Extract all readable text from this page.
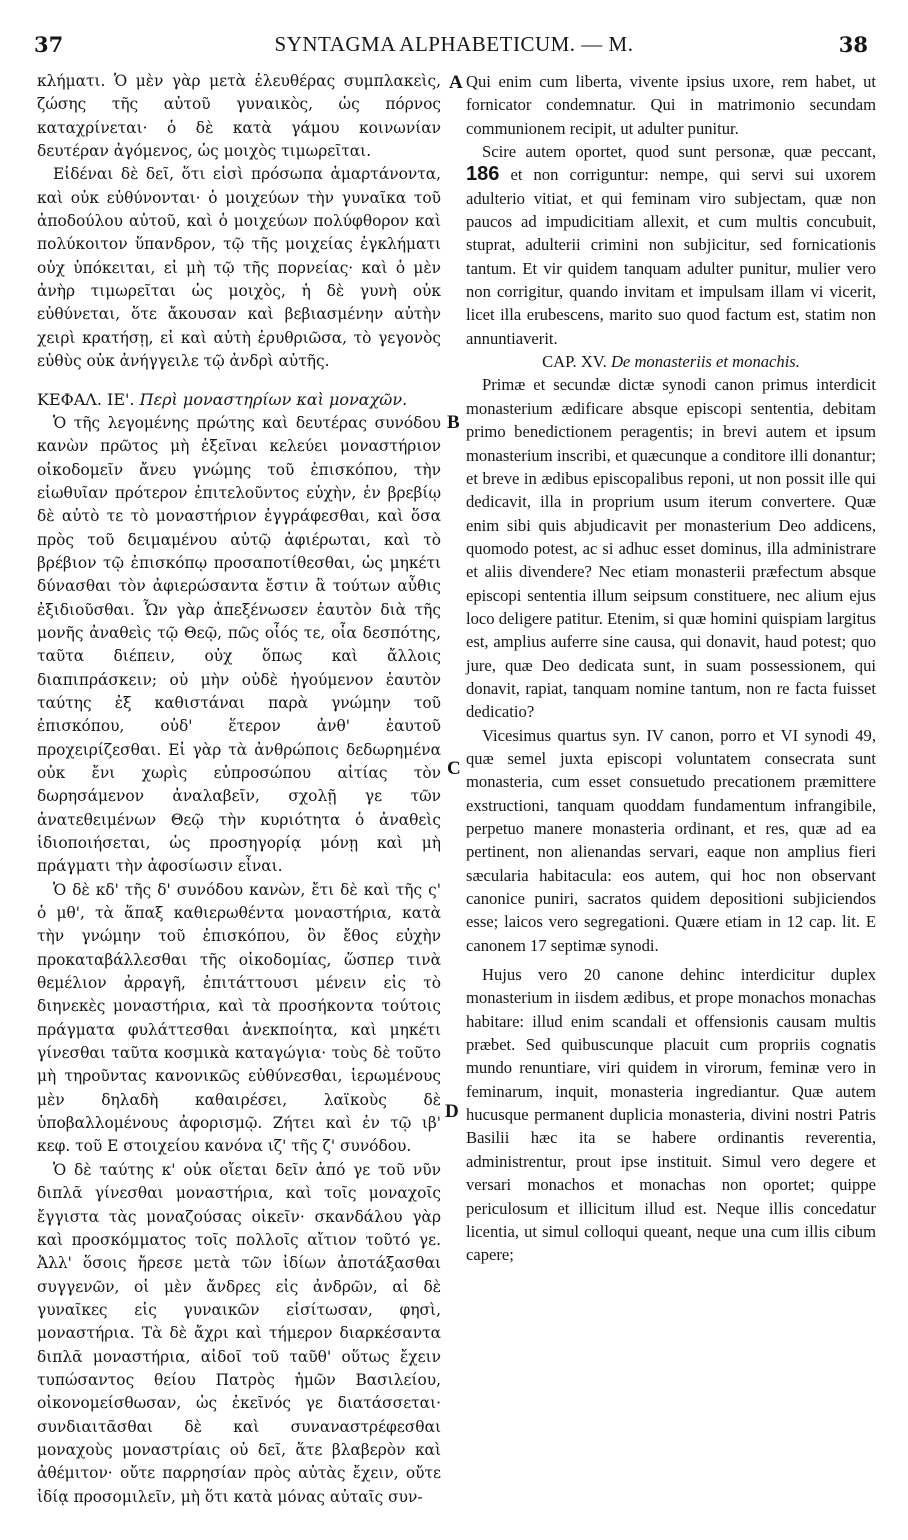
37	SYNTAGMA ALPHABETICUM. — M.	38

κλήματι. Ὁ μὲν γὰρ μετὰ ἐλευθέρας συμπλακεὶς, ζώσης τῆς αὐτοῦ γυναικὸς, ὡς πόρνος καταχρίνεται· ὁ δὲ κατὰ γάμου κοινωνίαν δευτέραν ἀγόμενος, ὡς μοιχὸς τιμωρεῖται.

Εἰδέναι δὲ δεῖ, ὅτι εἰσὶ πρόσωπα ἁμαρτάνοντα, καὶ οὐκ εὐθύνονται· ὁ μοιχεύων τὴν γυναῖκα τοῦ ἀποδούλου αὐτοῦ, καὶ ὁ μοιχεύων πολύφθορον καὶ πολύκοιτον ὕπανδρον, τῷ τῆς μοιχείας ἐγκλήματι οὐχ ὑπόκειται, εἰ μὴ τῷ τῆς πορνείας· καὶ ὁ μὲν ἀνὴρ τιμωρεῖται ὡς μοιχὸς, ἡ δὲ γυνὴ οὐκ εὐθύνεται, ὅτε ἄκουσαν καὶ βεβιασμένην αὐτὴν χειρὶ κρατήσῃ, εἰ καὶ αὐτὴ ἐρυθριῶσα, τὸ γεγονὸς εὐθὺς οὐκ ἀνήγγειλε τῷ ἀνδρὶ αὐτῆς.

ΚΕΦΑΛ. ΙΕ'. Περὶ μοναστηρίων καὶ μοναχῶν.

Ὁ τῆς λεγομένης πρώτης καὶ δευτέρας συνόδου κανὼν πρῶτος μὴ ἐξεῖναι κελεύει μοναστήριον οἰκοδομεῖν ἄνευ γνώμης τοῦ ἐπισκόπου, τὴν εἰωθυῖαν πρότερον ἐπιτελοῦντος εὐχὴν, ἐν βρεβίῳ δὲ αὐτὸ τε τὸ μοναστήριον ἐγγράφεσθαι, καὶ ὅσα πρὸς τοῦ δειμαμένου αὐτῷ ἀφιέρωται, καὶ τὸ βρέβιον τῷ ἐπισκόπῳ προσαποτίθεσθαι, ὡς μηκέτι δύνασθαι τὸν ἀφιερώσαντα ἔστιν ἃ τούτων αὖθις ἐξιδιοῦσθαι. Ὧν γὰρ ἀπεξένωσεν ἑαυτὸν διὰ τῆς μονῆς ἀναθεὶς τῷ Θεῷ, πῶς οἷός τε, οἷα δεσπότης, ταῦτα διέπειν, οὐχ ὅπως καὶ ἄλλοις διαπιπράσκειν; οὐ μὴν οὐδὲ ἡγούμενον ἑαυτὸν ταύτης ἐξ καθιστάναι παρὰ γνώμην τοῦ ἐπισκόπου, οὐδ' ἕτερον ἀνθ' ἑαυτοῦ προχειρίζεσθαι. Εἰ γὰρ τὰ ἀνθρώποις δεδωρημένα οὐκ ἔνι χωρὶς εὐπροσώπου αἰτίας τὸν δωρησάμενον ἀναλαβεῖν, σχολῇ γε τῶν ἀνατεθειμένων Θεῷ τὴν κυριότητα ὁ ἀναθεὶς ἰδιοποιήσεται, ὡς προσηγορίᾳ μόνῃ καὶ μὴ πράγματι τὴν ἀφοσίωσιν εἶναι.

Ὁ δὲ κδ' τῆς δ' συνόδου κανὼν, ἔτι δὲ καὶ τῆς ς' ὁ μθ', τὰ ἅπαξ καθιερωθέντα μοναστήρια, κατὰ τὴν γνώμην τοῦ ἐπισκόπου, ὃν ἔθος εὐχὴν προκαταβάλλεσθαι τῆς οἰκοδομίας, ὥσπερ τινὰ θεμέλιον ἀρραγῆ, ἐπιτάττουσι μένειν εἰς τὸ διηνεκὲς μοναστήρια, καὶ τὰ προσήκοντα τούτοις πράγματα φυλάττεσθαι ἀνεκποίητα, καὶ μηκέτι γίνεσθαι ταῦτα κοσμικὰ καταγώγια· τοὺς δὲ τοῦτο μὴ τηροῦντας κανονικῶς εὐθύνεσθαι, ἱερωμένους μὲν δηλαδὴ καθαιρέσει, λαϊκοὺς δὲ ὑποβαλλομένους ἀφορισμῷ. Ζήτει καὶ ἐν τῷ ιβ' κεφ. τοῦ Ε στοιχείου κανόνα ιζ' τῆς ζ' συνόδου.

Ὁ δὲ ταύτης κ' οὐκ οἴεται δεῖν ἀπό γε τοῦ νῦν διπλᾶ γίνεσθαι μοναστήρια, καὶ τοῖς μοναχοῖς ἔγγιστα τὰς μοναζούσας οἰκεῖν· σκανδάλου γὰρ καὶ προσκόμματος τοῖς πολλοῖς αἴτιον τοῦτό γε. Ἀλλ' ὅσοις ἤρεσε μετὰ τῶν ἰδίων ἀποτάξασθαι συγγενῶν, οἱ μὲν ἄνδρες εἰς ἀνδρῶν, αἱ δὲ γυναῖκες εἰς γυναικῶν εἰσίτωσαν, φησὶ, μοναστήρια. Τὰ δὲ ἄχρι καὶ τήμερον διαρκέσαντα διπλᾶ μοναστήρια, αἰδοῖ τοῦ ταῦθ' οὕτως ἔχειν τυπώσαντος θείου Πατρὸς ἡμῶν Βασιλείου, οἰκονομείσθωσαν, ὡς ἐκεῖνός γε διατάσσεται· συνδιαιτᾶσθαι δὲ καὶ συναναστρέφεσθαι μοναχοὺς μοναστρίαις οὐ δεῖ, ἅτε βλαβερὸν καὶ ἀθέμιτον· οὔτε παρρησίαν πρὸς αὐτὰς ἔχειν, οὔτε ἰδίᾳ προσομιλεῖν, μὴ ὅτι κατὰ μόνας αὐταῖς συν-

A
B
C
D

Qui enim cum liberta, vivente ipsius uxore, rem habet, ut fornicator condemnatur. Qui in matrimonio secundam communionem recipit, ut adulter punitur.

Scire autem oportet, quod sunt personæ, quæ peccant, 186 et non corriguntur: nempe, qui servi sui uxorem adulterio vitiat, et qui feminam viro subjectam, quæ non paucos ad impudicitiam allexit, et cum multis concubuit, stuprat, adulterii crimini non subjicitur, sed fornicationis tantum. Et vir quidem tanquam adulter punitur, mulier vero non corrigitur, quando invitam et impulsam illam vi vicerit, licet illa erubescens, marito suo quod factum est, statim non annuntiaverit.

CAP. XV. De monasteriis et monachis.

Primæ et secundæ dictæ synodi canon primus interdicit monasterium ædificare absque episcopi sententia, debitam primo benedictionem peragentis; in brevi autem et ipsum monasterium inscribi, et quæcunque a conditore illi donantur; et breve in ædibus episcopalibus reponi, ut non possit ille qui dedicavit, illa in proprium usum iterum convertere. Quæ enim sibi quis abjudicavit per monasterium Deo addicens, quomodo potest, ac si adhuc esset dominus, illa administrare et aliis divendere? Nec etiam monasterii præfectum absque episcopi sententia illum seipsum constituere, nec alium ejus loco deligere patitur. Etenim, si quæ homini quispiam largitus est, amplius auferre sine causa, qui donavit, haud potest; quo jure, quæ Deo dedicata sunt, in suam possessionem, qui donavit, rapiat, tanquam nomine tantum, non re facta fuisset dedicatio?

Vicesimus quartus syn. IV canon, porro et VI synodi 49, quæ semel juxta episcopi voluntatem consecrata sunt monasteria, cum esset consuetudo precationem præmittere exstructioni, tanquam quoddam fundamentum infrangibile, perpetuo manere monasteria ordinant, et res, quæ ad ea pertinent, non alienandas servari, eaque non amplius fieri sæcularia habitacula: eos autem, qui hoc non observant canonice puniri, sacratos quidem depositioni subjiciendos esse; laicos vero segregationi. Quære etiam in 12 cap. lit. E canonem 17 septimæ synodi.

Hujus vero 20 canone dehinc interdicitur duplex monasterium in iisdem ædibus, et prope monachos monachas habitare: illud enim scandali et offensionis causam multis præbet. Sed quibuscunque placuit cum propriis cognatis mundo renuntiare, viri quidem in virorum, feminæ vero in feminarum, inquit, monasteria ingrediantur. Quæ autem hucusque permanent duplicia monasteria, divini nostri Patris Basilii hæc ita se habere ordinantis reverentia, administrentur, prout ipse instituit. Simul vero degere et versari monachos et monachas non oportet; quippe periculosum et illicitum illud est. Neque illis concedatur licentia, ut simul colloqui queant, neque una cum illis cibum capere;
